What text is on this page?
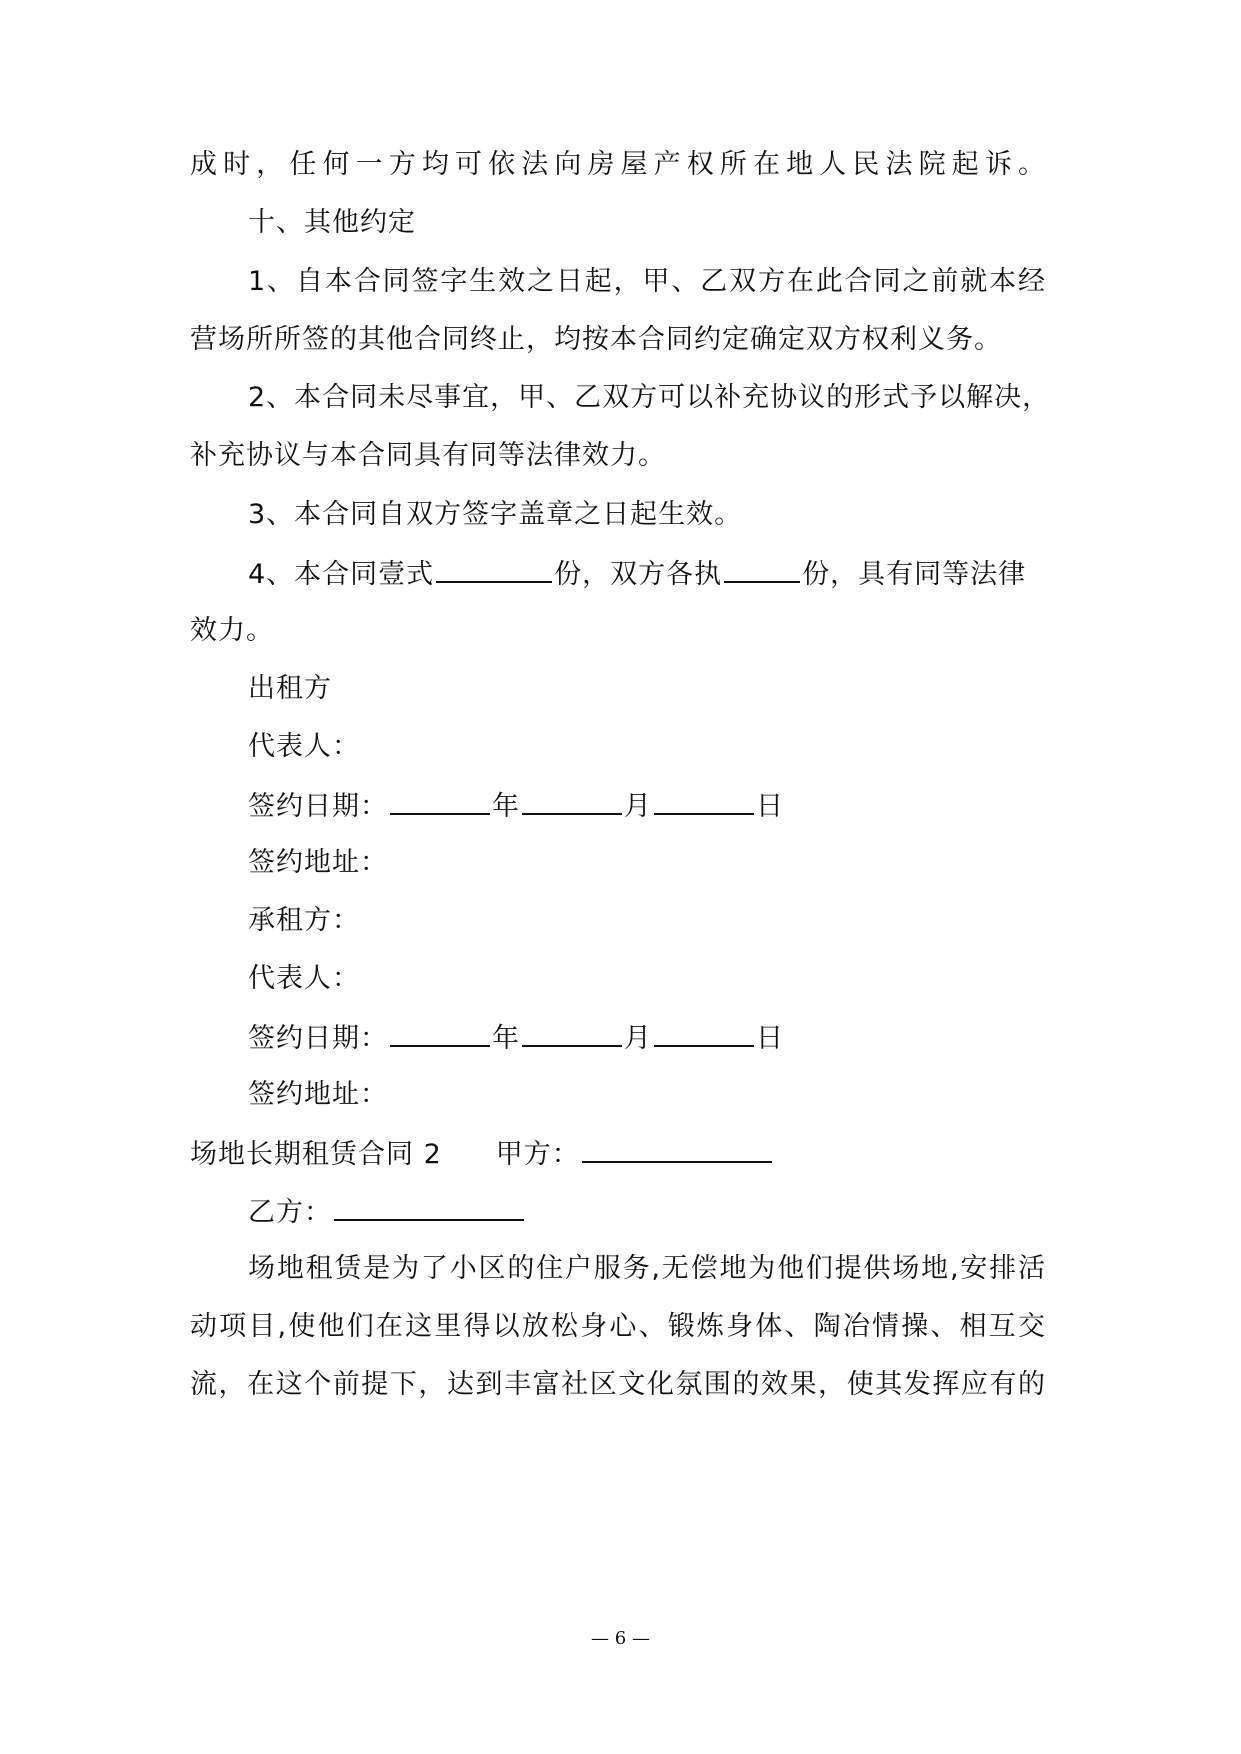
成时，任何一方均可依法向房屋产权所在地人民法院起诉。
十、其他约定
1、自本合同签字生效之日起，甲、乙双方在此合同之前就本经
营场所所签的其他合同终止，均按本合同约定确定双方权利义务。
2、本合同未尽事宜，甲、乙双方可以补充协议的形式予以解决，
补充协议与本合同具有同等法律效力。
3、本合同自双方签字盖章之日起生效。
4、本合同壹式	份，双方各执	份，具有同等法律
效力。
出租方
代表人：
签约日期：	年	月	日
签约地址：
承租方：
代表人：
签约日期：	年	月	日
签约地址：
场地长期租赁合同 2 甲方：
乙方：
场地租赁是为了小区的住户服务,无偿地为他们提供场地,安排活
动项目,使他们在这里得以放松身心、锻炼身体、陶冶情操、相互交
流，在这个前提下，达到丰富社区文化氛围的效果，使其发挥应有的
— 6 —
